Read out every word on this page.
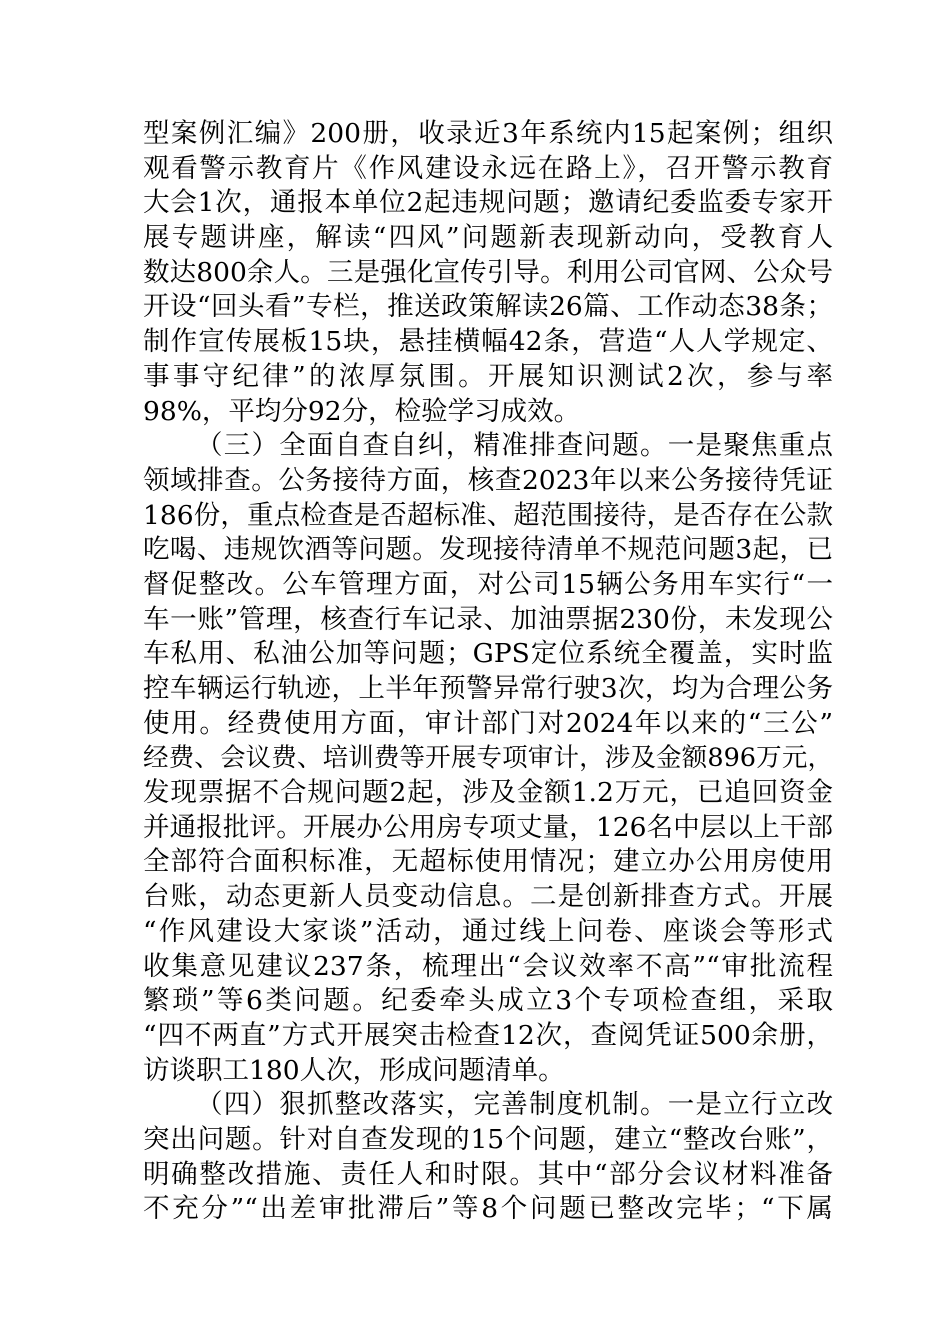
型案例汇编》200册，收录近3年系统内15起案例；组织
观看警示教育片《作风建设永远在路上》，召开警示教育
大会1次，通报本单位2起违规问题；邀请纪委监委专家开
展专题讲座，解读“四风”问题新表现新动向，受教育人
数达800余人。三是强化宣传引导。利用公司官网、公众号
开设“回头看”专栏，推送政策解读26篇、工作动态38条；
制作宣传展板15块，悬挂横幅42条，营造“人人学规定、
事事守纪律”的浓厚氛围。开展知识测试2次，参与率
98%，平均分92分，检验学习成效。
（三）全面自查自纠，精准排查问题。一是聚焦重点
领域排查。公务接待方面，核查2023年以来公务接待凭证
186份，重点检查是否超标准、超范围接待，是否存在公款
吃喝、违规饮酒等问题。发现接待清单不规范问题3起，已
督促整改。公车管理方面，对公司15辆公务用车实行“一
车一账”管理，核查行车记录、加油票据230份，未发现公
车私用、私油公加等问题；GPS定位系统全覆盖，实时监
控车辆运行轨迹，上半年预警异常行驶3次，均为合理公务
使用。经费使用方面，审计部门对2024年以来的“三公”
经费、会议费、培训费等开展专项审计，涉及金额896万元，
发现票据不合规问题2起，涉及金额1.2万元，已追回资金
并通报批评。开展办公用房专项丈量，126名中层以上干部
全部符合面积标准，无超标使用情况；建立办公用房使用
台账，动态更新人员变动信息。二是创新排查方式。开展
“作风建设大家谈”活动，通过线上问卷、座谈会等形式
收集意见建议237条，梳理出“会议效率不高”“审批流程
繁琐”等6类问题。纪委牵头成立3个专项检查组，采取
“四不两直”方式开展突击检查12次，查阅凭证500余册，
访谈职工180人次，形成问题清单。
（四）狠抓整改落实，完善制度机制。一是立行立改
突出问题。针对自查发现的15个问题，建立“整改台账”，
明确整改措施、责任人和时限。其中“部分会议材料准备
不充分”“出差审批滞后”等8个问题已整改完毕；“下属
